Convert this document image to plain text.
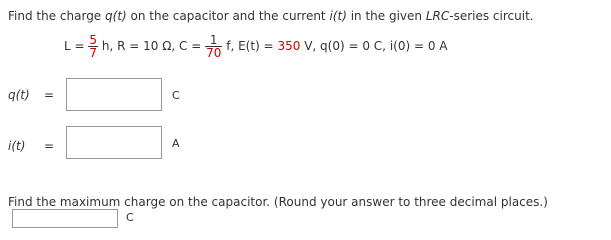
Find the charge q(t) on the capacitor and the current i(t) in the given LRC-series circuit.
$L = \frac{5}{7} h$, R = 10 Ω, $C = \frac{1}{70} f$, E(t) = 350 V, q(0) = 0 C, i(0) = 0 A
q(t) =	C
i(t) =	A
Find the maximum charge on the capacitor. (Round your answer to three decimal places.)
C
